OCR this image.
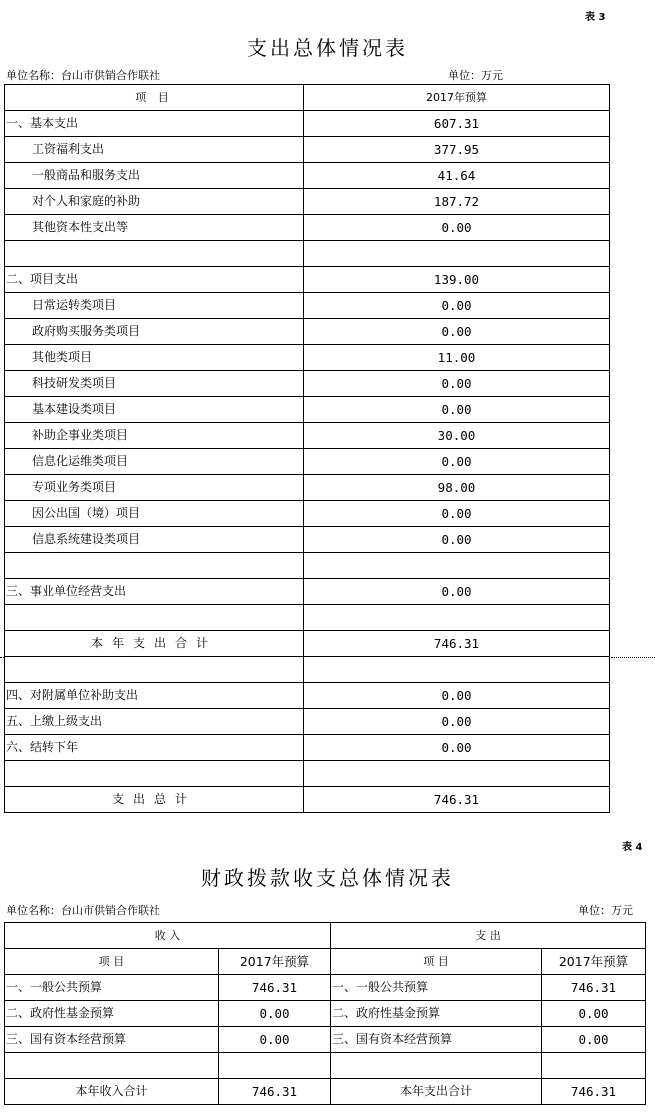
表 3
支出总体情况表
单位名称：台山市供销合作联社	单位：万元
项 目	2017年预算
一、基本支出	607.31
工资福利支出	377.95
一般商品和服务支出	41.64
对个人和家庭的补助	187.72
其他资本性支出等	0.00

二、项目支出	139.00
日常运转类项目	0.00
政府购买服务类项目	0.00
其他类项目	11.00
科技研发类项目	0.00
基本建设类项目	0.00
补助企事业类项目	30.00
信息化运维类项目	0.00
专项业务类项目	98.00
因公出国（境）项目	0.00
信息系统建设类项目	0.00

三、事业单位经营支出	0.00

本年支出合计	746.31

四、对附属单位补助支出	0.00
五、上缴上级支出	0.00
六、结转下年	0.00

支出总计	746.31
表 4
财政拨款收支总体情况表
单位名称：台山市供销合作联社	单位：万元
收 入		支 出	
项 目	2017年预算	项 目	2017年预算
一、一般公共预算	746.31	一、一般公共预算	746.31
二、政府性基金预算	0.00	二、政府性基金预算	0.00
三、国有资本经营预算	0.00	三、国有资本经营预算	0.00

本年收入合计	746.31	本年支出合计	746.31
